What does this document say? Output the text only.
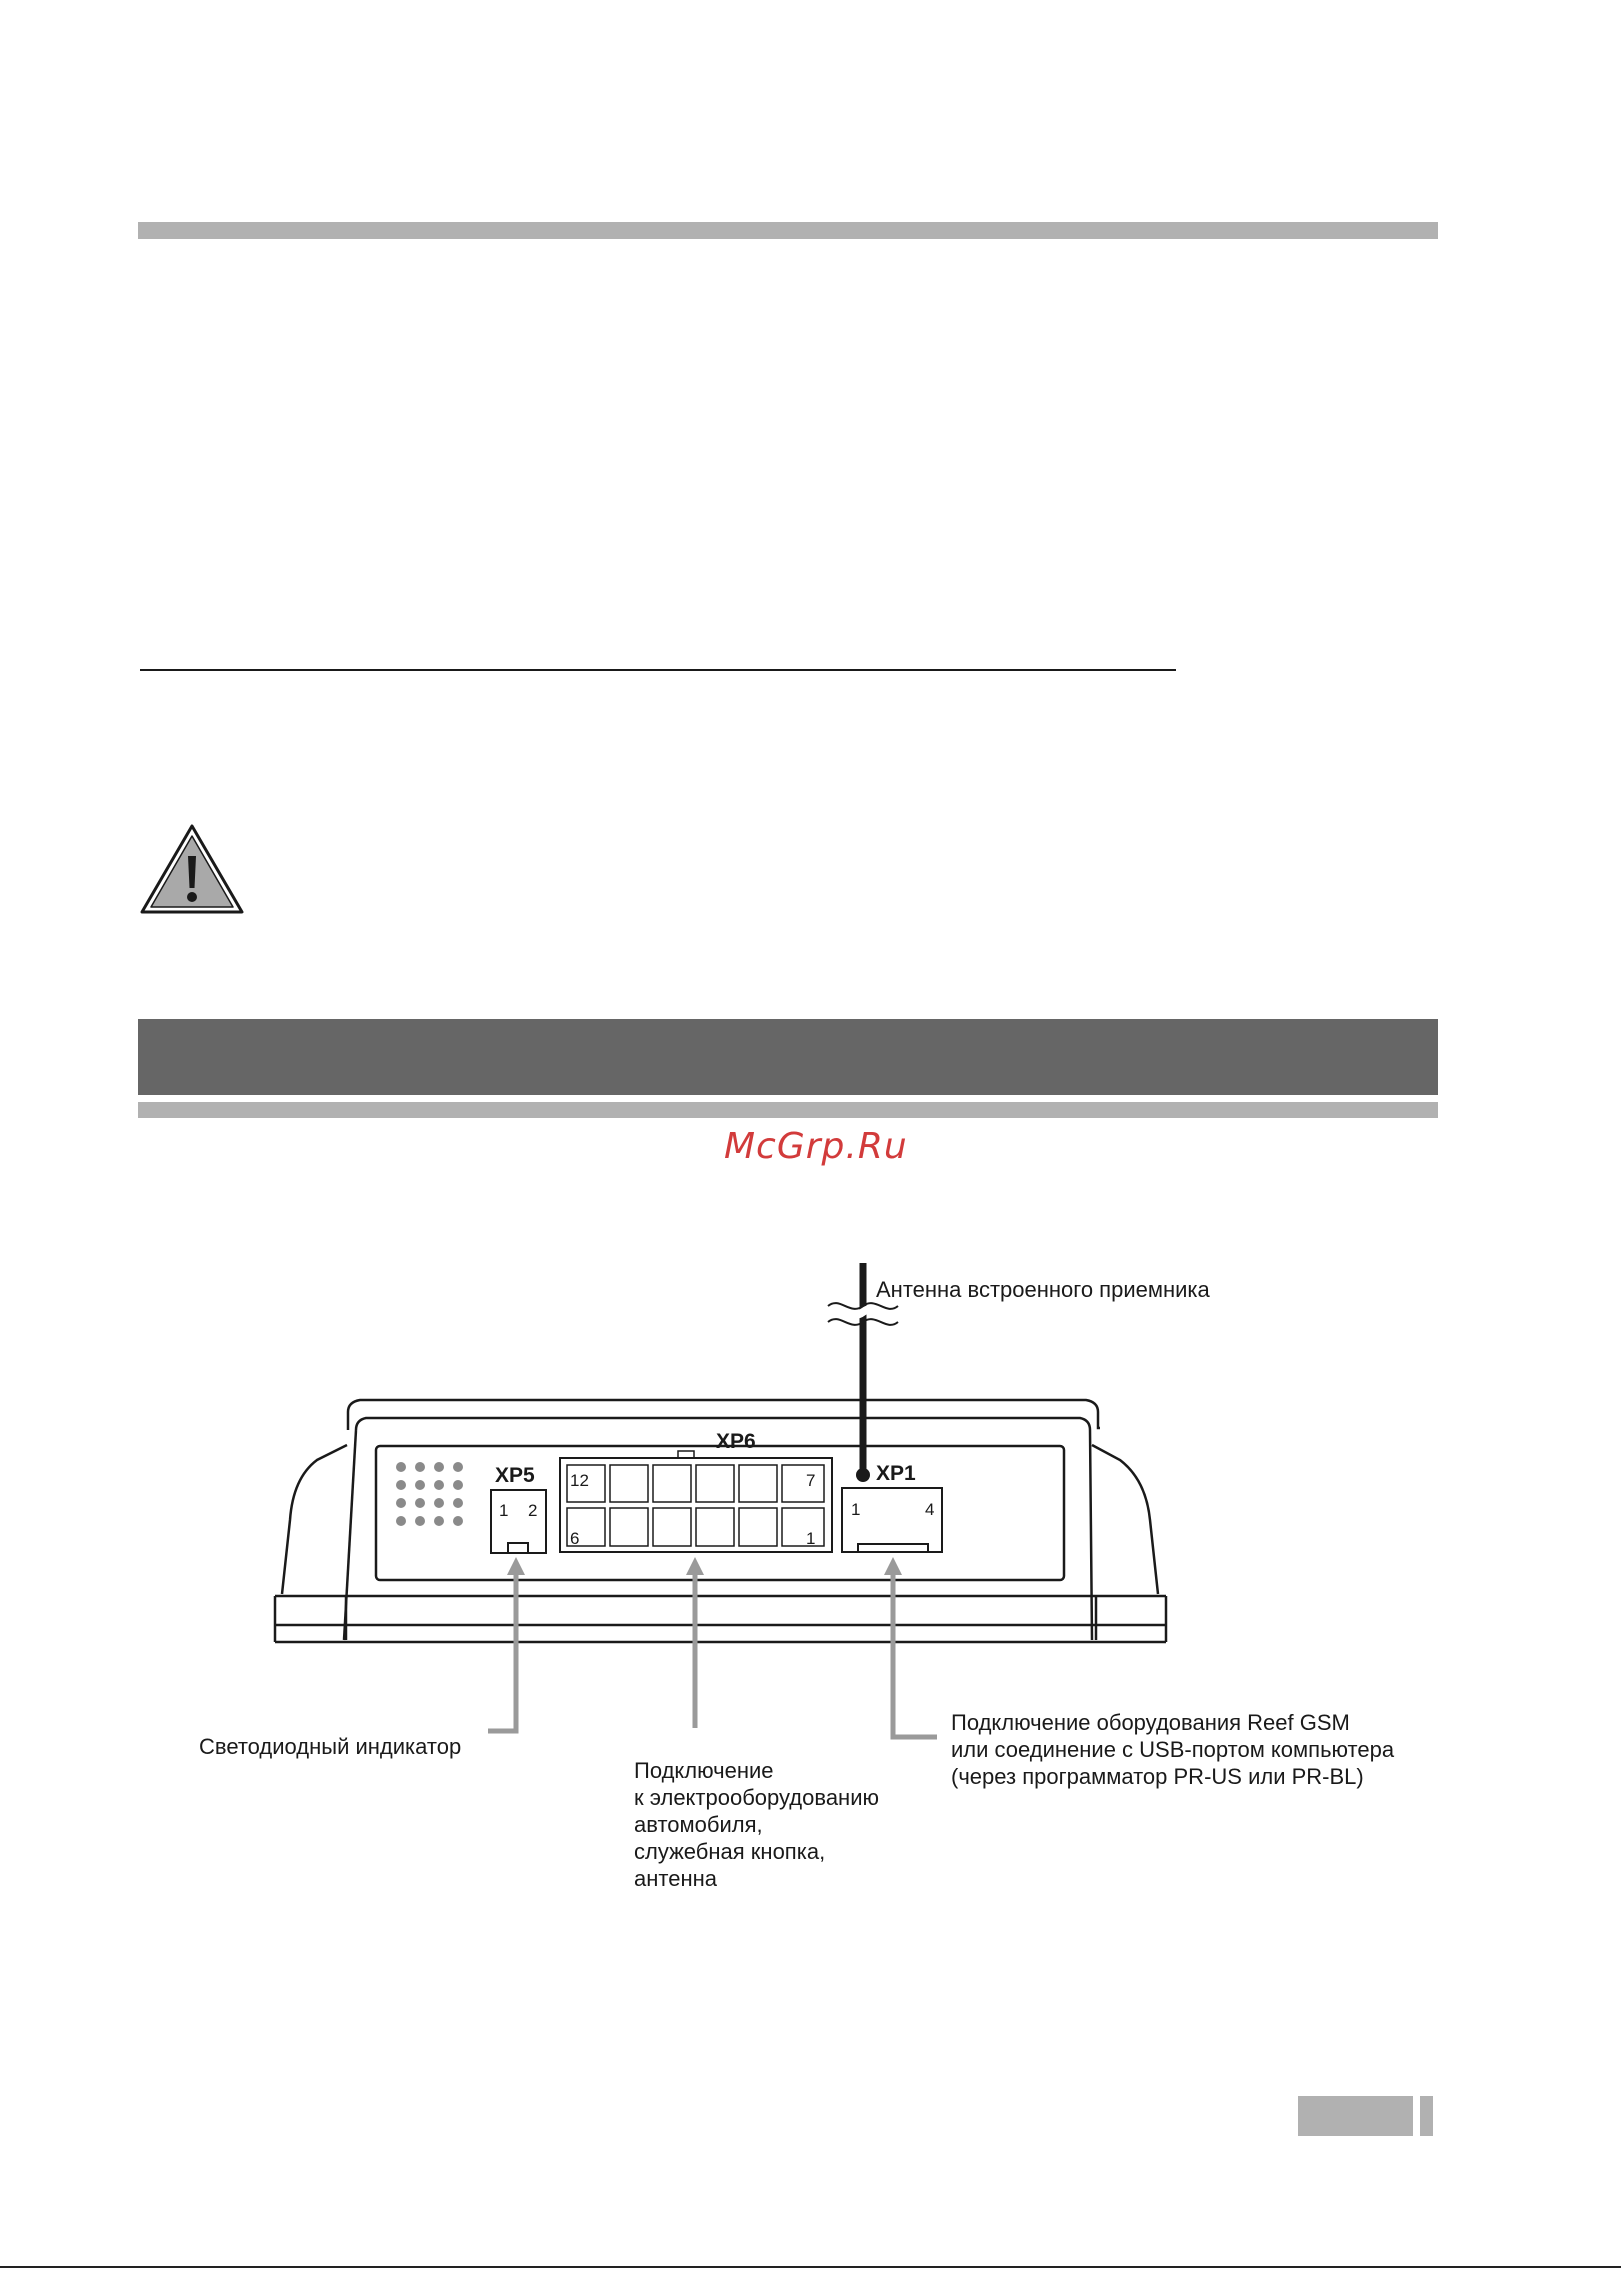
McGrp.Ru
XP5
1 2
XP6
12	7
6	1
XP1
1	4
Антенна встроенного приемника
Светодиодный индикатор
Подключение
к электрооборудованию
автомобиля,
служебная кнопка,
антенна
Подключение оборудования Reef GSM
или соединение с USB-портом компьютера
(через программатор PR-US или PR-BL)
